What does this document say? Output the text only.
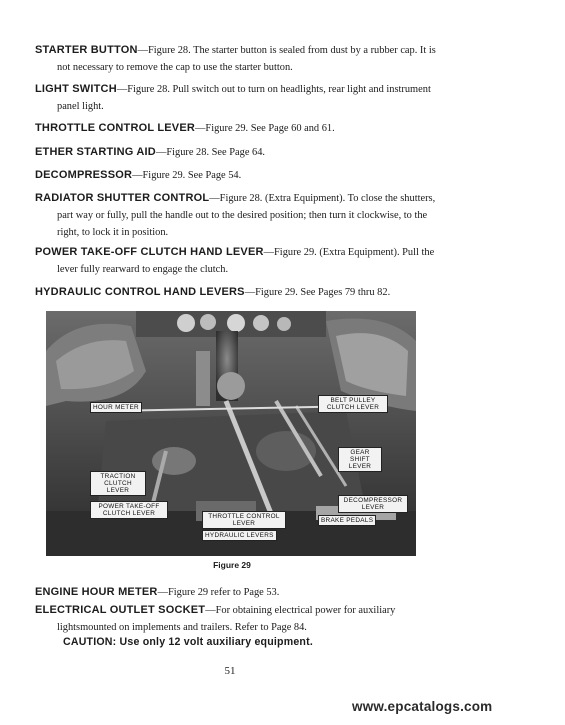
STARTER BUTTON—Figure 28. The starter button is sealed from dust by a rubber cap. It is not necessary to remove the cap to use the starter button.

LIGHT SWITCH—Figure 28. Pull switch out to turn on headlights, rear light and instrument panel light.

THROTTLE CONTROL LEVER—Figure 29. See Page 60 and 61.

ETHER STARTING AID—Figure 28. See Page 64.

DECOMPRESSOR—Figure 29. See Page 54.

RADIATOR SHUTTER CONTROL—Figure 28. (Extra Equipment). To close the shutters, part way or fully, pull the handle out to the desired position; then turn it clockwise, to the right, to lock it in position.

POWER TAKE-OFF CLUTCH HAND LEVER—Figure 29. (Extra Equipment). Pull the lever fully rearward to engage the clutch.

HYDRAULIC CONTROL HAND LEVERS—Figure 29. See Pages 79 thru 82.

HOUR METER
BELT PULLEY CLUTCH LEVER
GEAR SHIFT LEVER
TRACTION CLUTCH LEVER
POWER TAKE-OFF CLUTCH LEVER	THROTTLE CONTROL LEVER
DECOMPRESSOR LEVER
BRAKE PEDALS
HYDRAULIC LEVERS
Figure 29

ENGINE HOUR METER—Figure 29 refer to Page 53.

ELECTRICAL OUTLET SOCKET—For obtaining electrical power for auxiliary lightsmounted on implements and trailers. Refer to Page 84.

CAUTION: Use only 12 volt auxiliary equipment.
51
www.epcatalogs.com
